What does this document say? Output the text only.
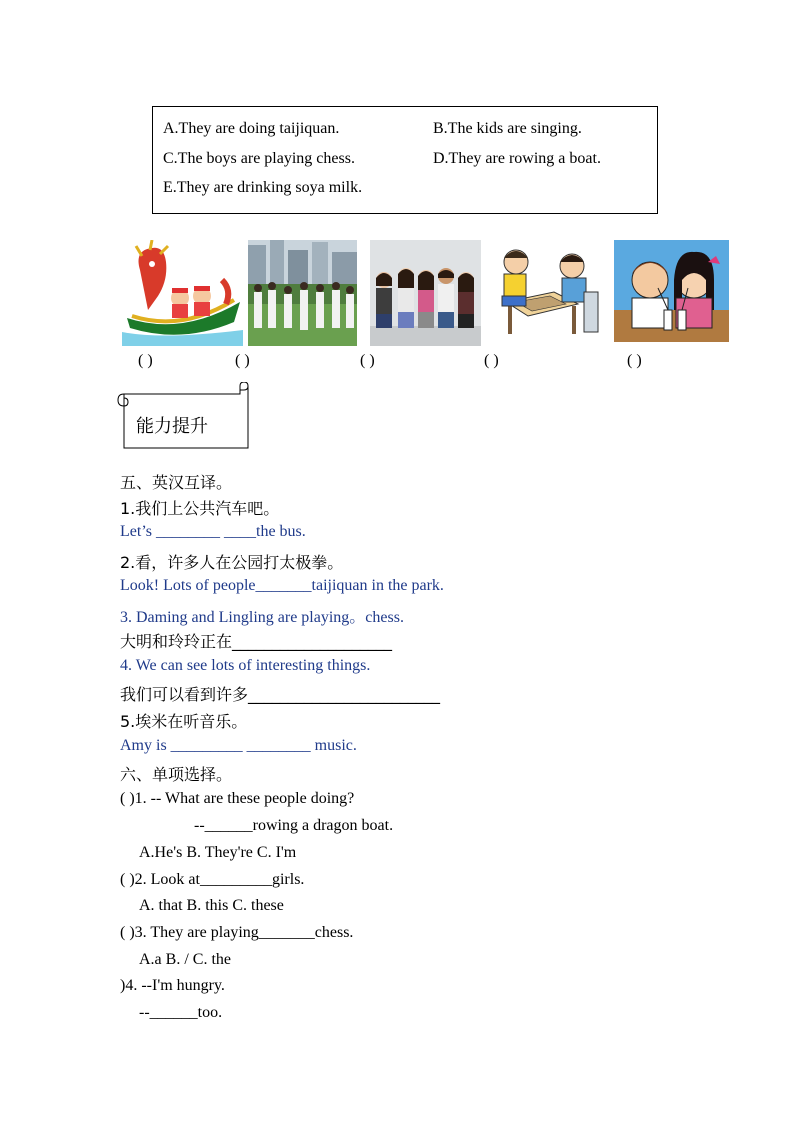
A.They are doing taijiquan.	B.The kids are singing.
C.The boys are playing chess.	D.They are rowing a boat.
E.They are drinking soya milk.
( )	( )	( )	( )	( )
能力提升
五、英汉互译。
1.我们上公共汽车吧。
Let’s ________ ____the bus.
2.看，许多人在公园打太极拳。
Look! Lots of people_______taijiquan in the park.
3. Daming and Lingling are playing。chess.
大明和玲玲正在____________________
4. We can see lots of interesting things.
我们可以看到许多________________________
5.埃米在听音乐。
Amy is _________ ________ music.
六、单项选择。
( )1. -- What are these people doing?
--______rowing a dragon boat.
A.He's B. They're C. I'm
( )2. Look at_________girls.
A. that B. this C. these
( )3. They are playing_______chess.
A.a B. / C. the
)4. --I'm hungry.
--______too.
